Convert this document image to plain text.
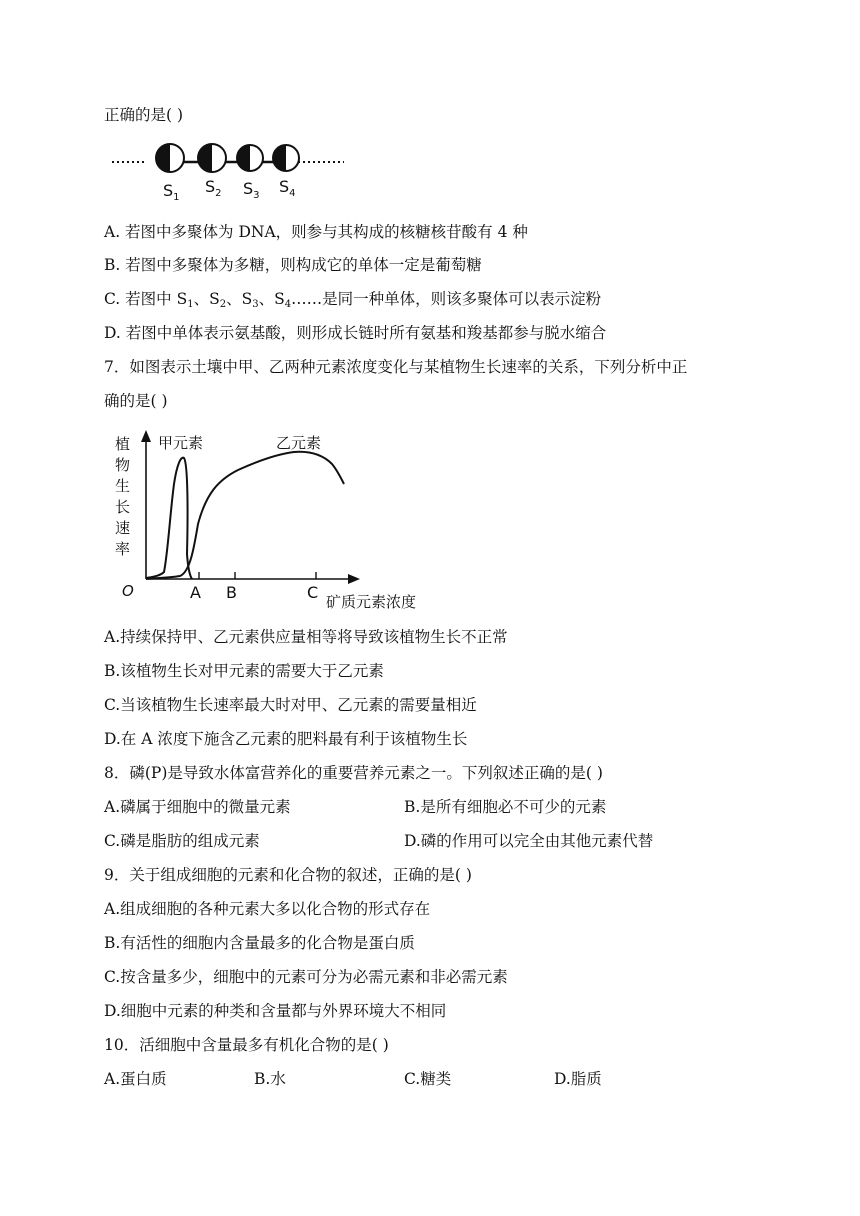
正确的是( )
$S_1$
$S_2$ $S_3$ $S_4$
A. 若图中多聚体为 DNA，则参与其构成的核糖核苷酸有 4 种
B. 若图中多聚体为多糖，则构成它的单体一定是葡萄糖
C. 若图中 $S_1$、$S_2$、$S_3$、$S_4\dots\dots$是同一种单体，则该多聚体可以表示淀粉
D. 若图中单体表示氨基酸，则形成长链时所有氨基和羧基都参与脱水缩合
7．如图表示土壤中甲、乙两种元素浓度变化与某植物生长速率的关系，下列分析中正
确的是( )
植
物
生
长
速
率
O	A B	C 矿质元素浓度
甲元素	乙元素
A.持续保持甲、乙元素供应量相等将导致该植物生长不正常
B.该植物生长对甲元素的需要大于乙元素
C.当该植物生长速率最大时对甲、乙元素的需要量相近
D.在 A 浓度下施含乙元素的肥料最有利于该植物生长
8．磷(P)是导致水体富营养化的重要营养元素之一。下列叙述正确的是( )
A.磷属于细胞中的微量元素	B.是所有细胞必不可少的元素
C.磷是脂肪的组成元素	D.磷的作用可以完全由其他元素代替
9．关于组成细胞的元素和化合物的叙述，正确的是( )
A.组成细胞的各种元素大多以化合物的形式存在
B.有活性的细胞内含量最多的化合物是蛋白质
C.按含量多少，细胞中的元素可分为必需元素和非必需元素
D.细胞中元素的种类和含量都与外界环境大不相同
10．活细胞中含量最多有机化合物的是( )
A.蛋白质	B.水	C.糖类	D.脂质
